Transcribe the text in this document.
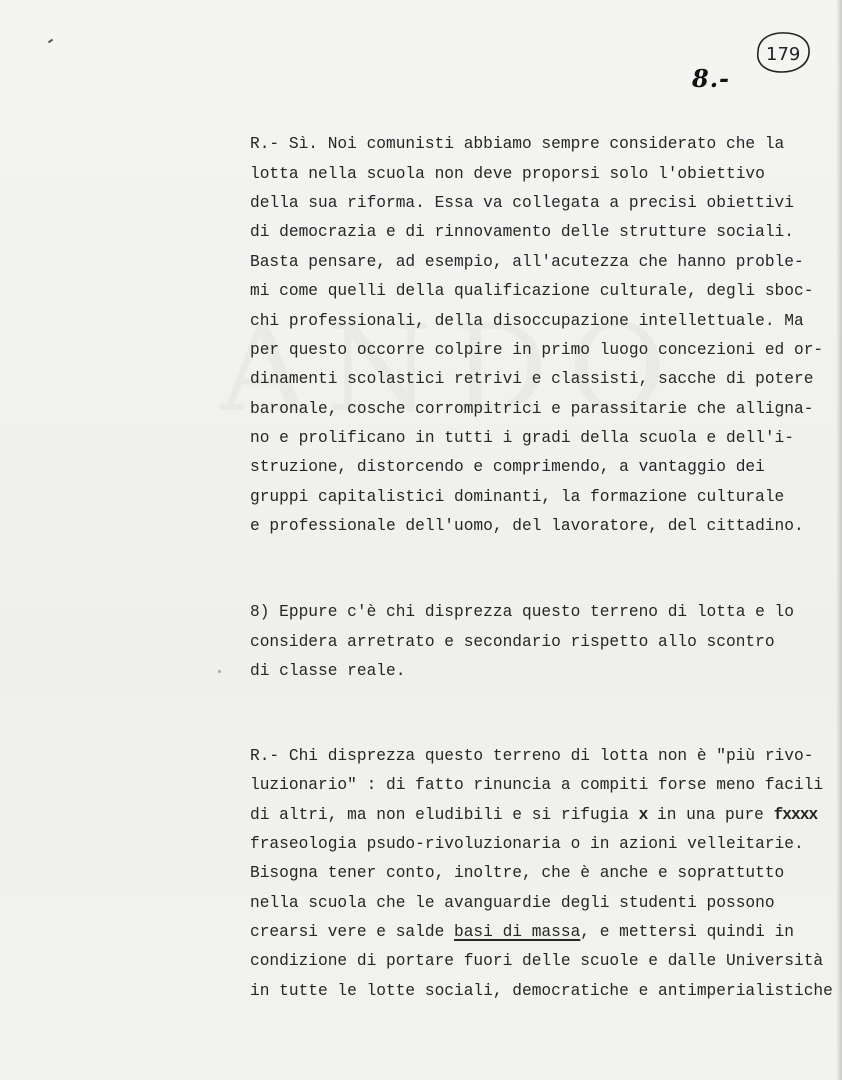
179
8.-
R.- Sì. Noi comunisti abbiamo sempre considerato che la
lotta nella scuola non deve proporsi solo l'obiettivo
della sua riforma. Essa va collegata a precisi obiettivi
di democrazia e di rinnovamento delle strutture sociali.
Basta pensare, ad esempio, all'acutezza che hanno proble-
mi come quelli della qualificazione culturale, degli sboc-
chi professionali, della disoccupazione intellettuale. Ma
per questo occorre colpire in primo luogo concezioni ed or-
dinamenti scolastici retrivi e classisti, sacche di potere
baronale, cosche corrompitrici e parassitarie che alligna-
no e prolificano in tutti i gradi della scuola e dell'i-
struzione, distorcendo e comprimendo, a vantaggio dei
gruppi capitalistici dominanti, la formazione culturale
e professionale dell'uomo, del lavoratore, del cittadino.
8) Eppure c'è chi disprezza questo terreno di lotta e lo
considera arretrato e secondario rispetto allo scontro
di classe reale.
R.- Chi disprezza questo terreno di lotta non è "più rivo-
luzionario" : di fatto rinuncia a compiti forse meno facili
di altri, ma non eludibili e si rifugia x in una pure fxxxx
fraseologia psudo-rivoluzionaria o in azioni velleitarie.
Bisogna tener conto, inoltre, che è anche e soprattutto
nella scuola che le avanguardie degli studenti possono
crearsi vere e salde basi di massa, e mettersi quindi in
condizione di portare fuori delle scuole e dalle Università
in tutte le lotte sociali, democratiche e antimperialistiche
